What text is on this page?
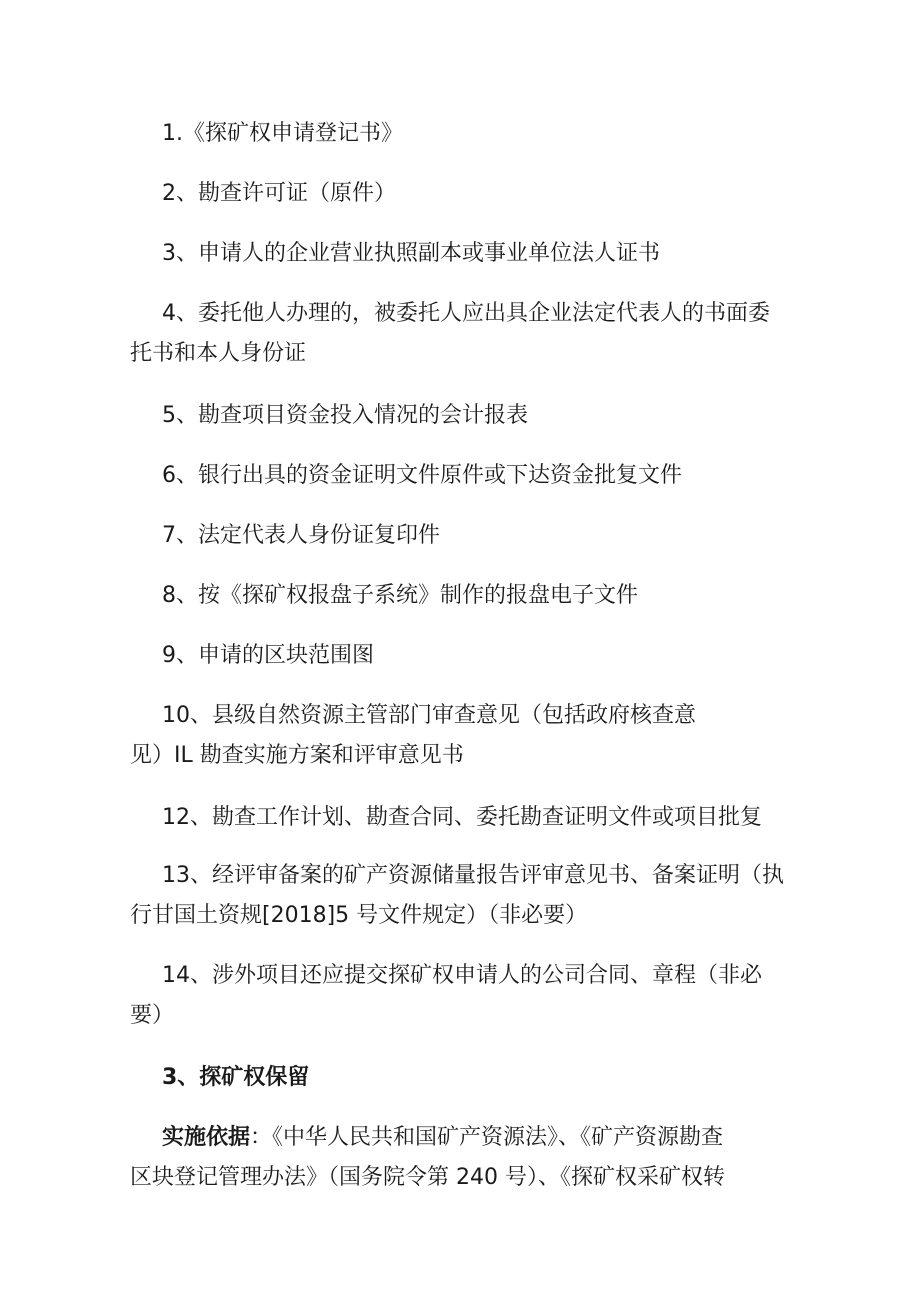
1.《探矿权申请登记书》
2、勘查许可证（原件）
3、申请人的企业营业执照副本或事业单位法人证书
4、委托他人办理的，被委托人应出具企业法定代表人的书面委
托书和本人身份证
5、勘查项目资金投入情况的会计报表
6、银行出具的资金证明文件原件或下达资金批复文件
7、法定代表人身份证复印件
8、按《探矿权报盘子系统》制作的报盘电子文件
9、申请的区块范围图
10、县级自然资源主管部门审查意见（包括政府核查意
见）IL 勘查实施方案和评审意见书
12、勘查工作计划、勘查合同、委托勘查证明文件或项目批复
13、经评审备案的矿产资源储量报告评审意见书、备案证明（执
行甘国土资规[2018]5 号文件规定）（非必要）
14、涉外项目还应提交探矿权申请人的公司合同、章程（非必
要）
3、探矿权保留
实施依据：《中华人民共和国矿产资源法》、《矿产资源勘查
区块登记管理办法》（国务院令第 240 号）、《探矿权采矿权转
